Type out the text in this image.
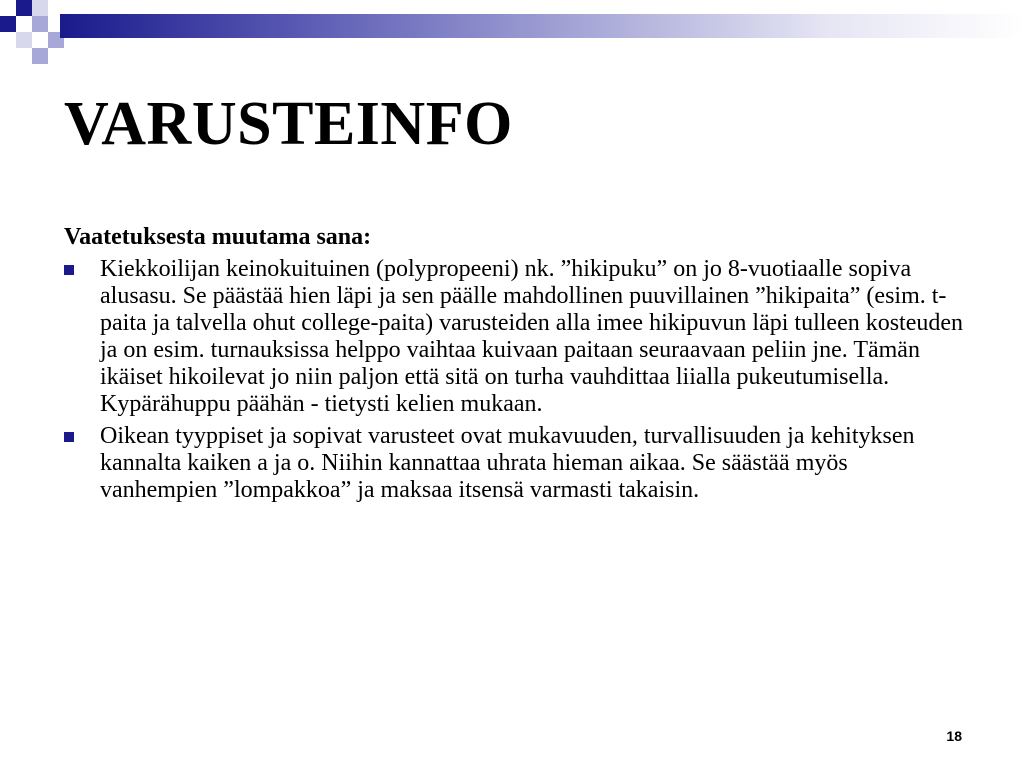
VARUSTEINFO

Vaatetuksesta muutama sana:

Kiekkoilijan keinokuituinen (polypropeeni) nk. ”hikipuku” on jo 8-vuotiaalle sopiva alusasu. Se päästää hien läpi ja sen päälle mahdollinen puuvillainen ”hikipaita” (esim. t-paita ja talvella ohut college-paita) varusteiden alla imee hikipuvun läpi tulleen kosteuden ja on esim. turnauksissa helppo vaihtaa kuivaan paitaan seuraavaan peliin jne. Tämän ikäiset hikoilevat jo niin paljon että sitä on turha vauhdittaa liialla pukeutumisella. Kypärähuppu päähän - tietysti kelien mukaan.
Oikean tyyppiset ja sopivat varusteet ovat mukavuuden, turvallisuuden ja kehityksen kannalta kaiken a ja o. Niihin kannattaa uhrata hieman aikaa. Se säästää myös vanhempien ”lompakkoa” ja maksaa itsensä varmasti takaisin.
18
